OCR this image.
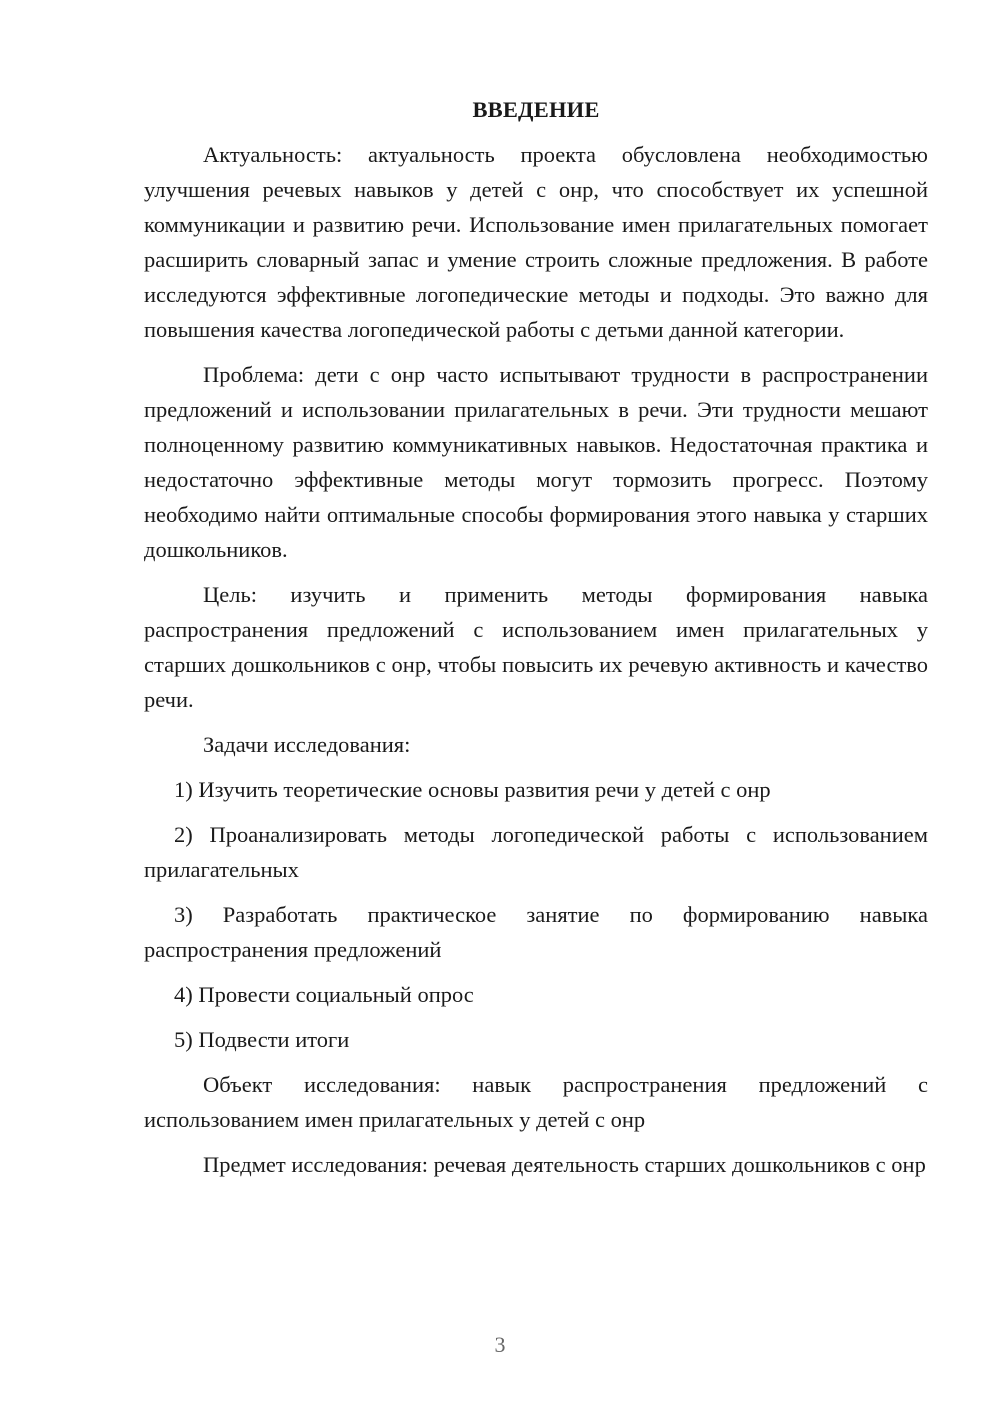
ВВЕДЕНИЕ

Актуальность: актуальность проекта обусловлена необходимостью улучшения речевых навыков у детей с онр, что способствует их успешной коммуникации и развитию речи. Использование имен прилагательных помогает расширить словарный запас и умение строить сложные предложения. В работе исследуются эффективные логопедические методы и подходы. Это важно для повышения качества логопедической работы с детьми данной категории.

Проблема: дети с онр часто испытывают трудности в распространении предложений и использовании прилагательных в речи. Эти трудности мешают полноценному развитию коммуникативных навыков. Недостаточная практика и недостаточно эффективные методы могут тормозить прогресс. Поэтому необходимо найти оптимальные способы формирования этого навыка у старших дошкольников.

Цель: изучить и применить методы формирования навыка распространения предложений с использованием имен прилагательных у старших дошкольников с онр, чтобы повысить их речевую активность и качество речи.

Задачи исследования:

1) Изучить теоретические основы развития речи у детей с онр

2) Проанализировать методы логопедической работы с использованием прилагательных

3) Разработать практическое занятие по формированию навыка распространения предложений

4) Провести социальный опрос

5) Подвести итоги

Объект исследования: навык распространения предложений с использованием имен прилагательных у детей с онр

Предмет исследования: речевая деятельность старших дошкольников с онр

3
